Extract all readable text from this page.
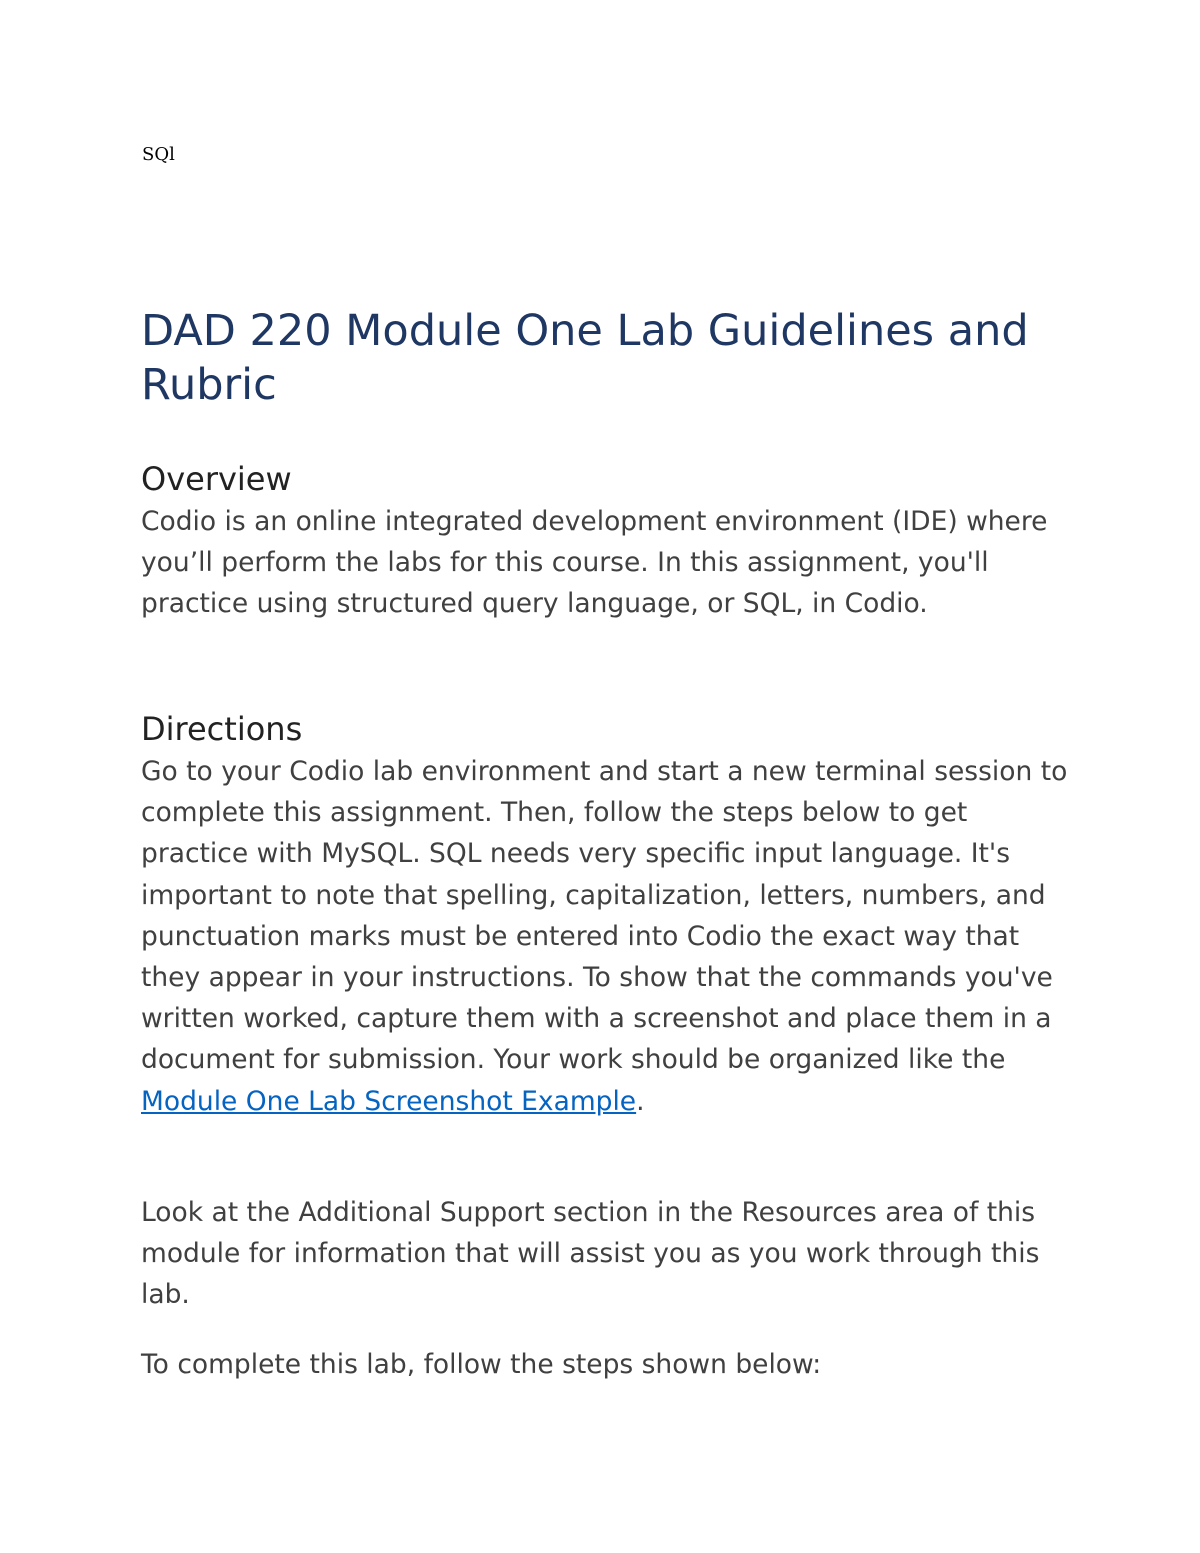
SQl

DAD 220 Module One Lab Guidelines and Rubric
Overview

Codio is an online integrated development environment (IDE) where you’ll perform the labs for this course. In this assignment, you'll practice using structured query language, or SQL, in Codio.

Directions

Go to your Codio lab environment and start a new terminal session to complete this assignment. Then, follow the steps below to get practice with MySQL. SQL needs very specific input language. It's important to note that spelling, capitalization, letters, numbers, and punctuation marks must be entered into Codio the exact way that they appear in your instructions. To show that the commands you've written worked, capture them with a screenshot and place them in a document for submission. Your work should be organized like the Module One Lab Screenshot Example.

Look at the Additional Support section in the Resources area of this module for information that will assist you as you work through this lab.

To complete this lab, follow the steps shown below:
